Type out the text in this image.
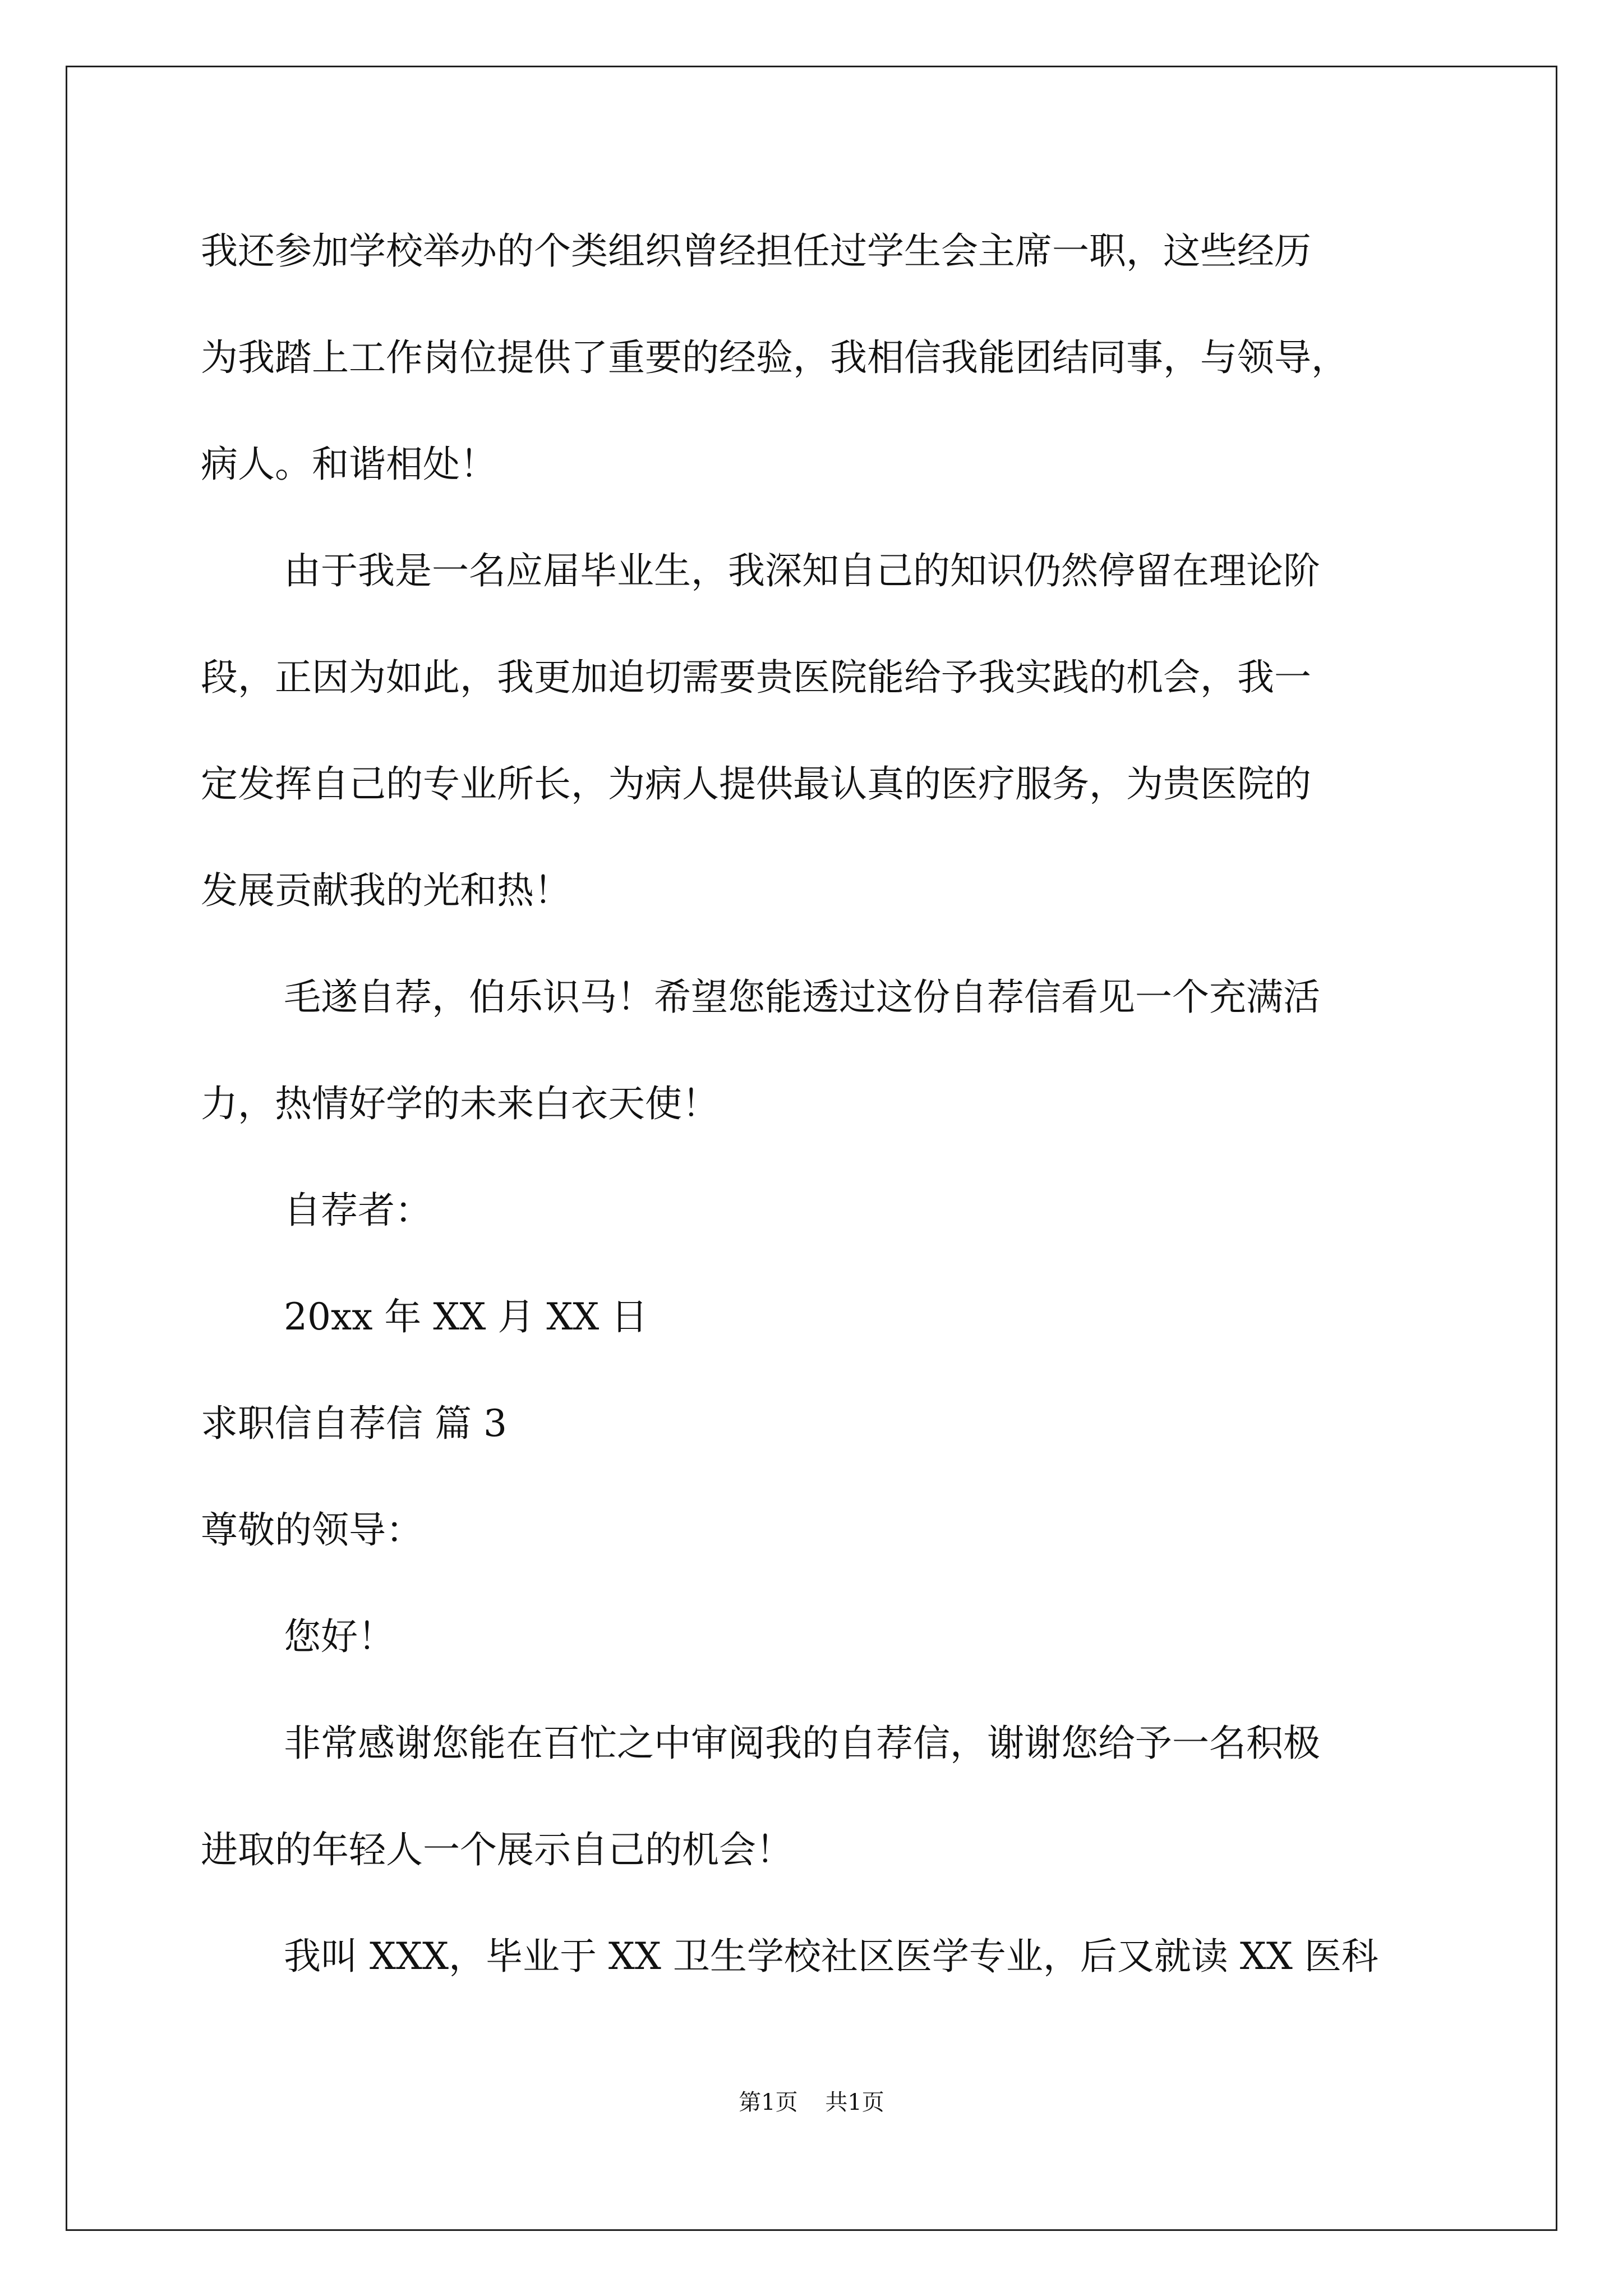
我还参加学校举办的个类组织曾经担任过学生会主席一职，这些经历
为我踏上工作岗位提供了重要的经验，我相信我能团结同事，与领导，
病人。和谐相处！
由于我是一名应届毕业生，我深知自己的知识仍然停留在理论阶
段，正因为如此，我更加迫切需要贵医院能给予我实践的机会，我一
定发挥自己的专业所长，为病人提供最认真的医疗服务，为贵医院的
发展贡献我的光和热！
毛遂自荐，伯乐识马！希望您能透过这份自荐信看见一个充满活
力，热情好学的未来白衣天使！
自荐者：
20xx 年 XX 月 XX 日
求职信自荐信 篇 3
尊敬的领导：
您好！
非常感谢您能在百忙之中审阅我的自荐信，谢谢您给予一名积极
进取的年轻人一个展示自己的机会！
我叫 XXX，毕业于 XX 卫生学校社区医学专业，后又就读 XX 医科
第1页 共1页
